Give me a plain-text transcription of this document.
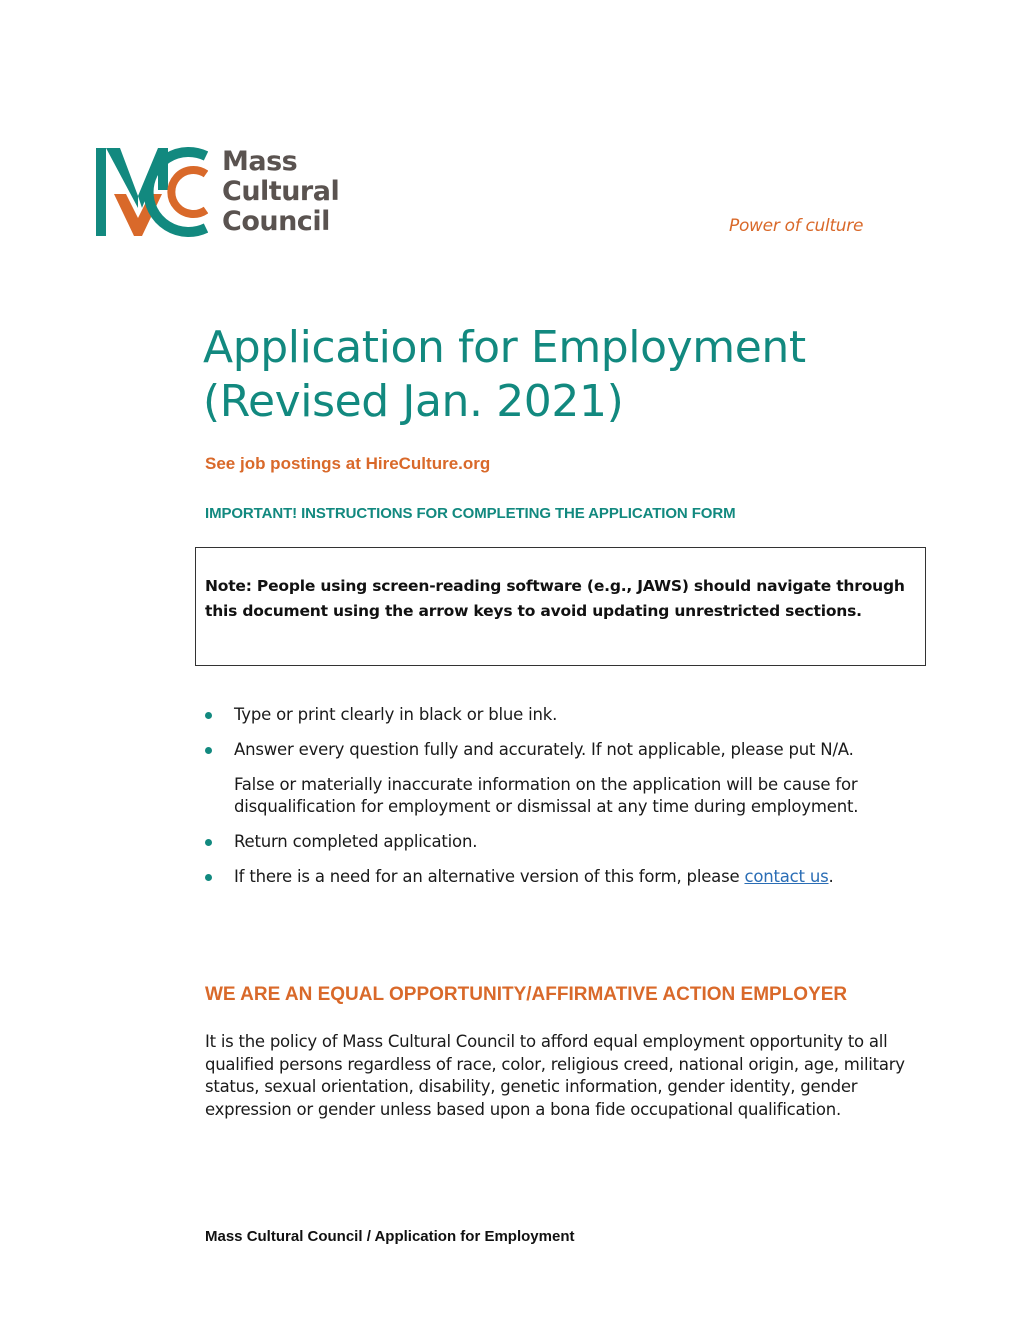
Mass
Cultural
Council	Power of culture
Application for Employment
(Revised Jan. 2021)
See job postings at HireCulture.org
IMPORTANT! INSTRUCTIONS FOR COMPLETING THE APPLICATION FORM
Note: People using screen-reading software (e.g., JAWS) should navigate through this document using the arrow keys to avoid updating unrestricted sections.
Type or print clearly in black or blue ink.
Answer every question fully and accurately. If not applicable, please put N/A.
False or materially inaccurate information on the application will be cause for disqualification for employment or dismissal at any time during employment.
Return completed application.
If there is a need for an alternative version of this form, please contact us.
WE ARE AN EQUAL OPPORTUNITY/AFFIRMATIVE ACTION EMPLOYER
It is the policy of Mass Cultural Council to afford equal employment opportunity to all qualified persons regardless of race, color, religious creed, national origin, age, military status, sexual orientation, disability, genetic information, gender identity, gender expression or gender unless based upon a bona fide occupational qualification.
Mass Cultural Council / Application for Employment
